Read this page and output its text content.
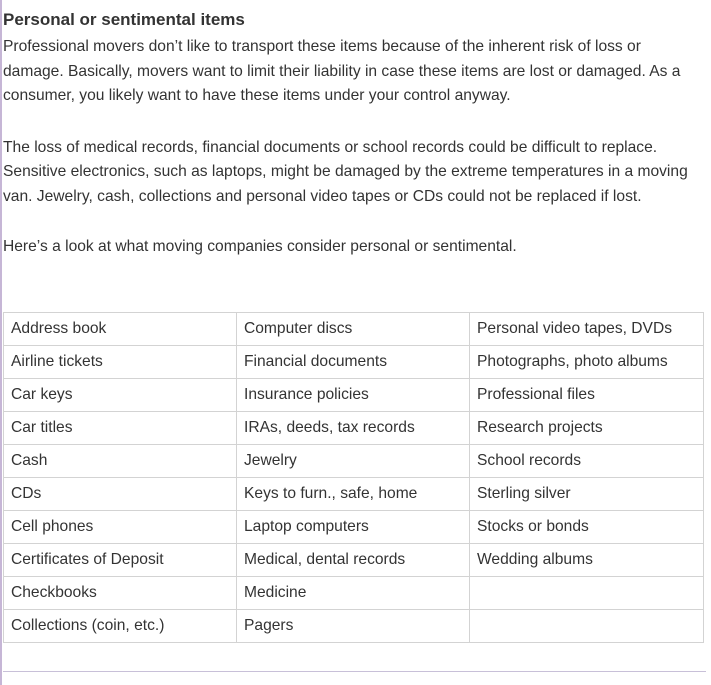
Personal or sentimental items

Professional movers don’t like to transport these items because of the inherent risk of loss or damage. Basically, movers want to limit their liability in case these items are lost or damaged. As a consumer, you likely want to have these items under your control anyway.

The loss of medical records, financial documents or school records could be difficult to replace. Sensitive electronics, such as laptops, might be damaged by the extreme temperatures in a moving van. Jewelry, cash, collections and personal video tapes or CDs could not be replaced if lost.

Here’s a look at what moving companies consider personal or sentimental.

Address book	Computer discs	Personal video tapes, DVDs
Airline tickets	Financial documents	Photographs, photo albums
Car keys	Insurance policies	Professional files
Car titles	IRAs, deeds, tax records	Research projects
Cash	Jewelry	School records
CDs	Keys to furn., safe, home	Sterling silver
Cell phones	Laptop computers	Stocks or bonds
Certificates of Deposit	Medical, dental records	Wedding albums
Checkbooks	Medicine	
Collections (coin, etc.)	Pagers	
